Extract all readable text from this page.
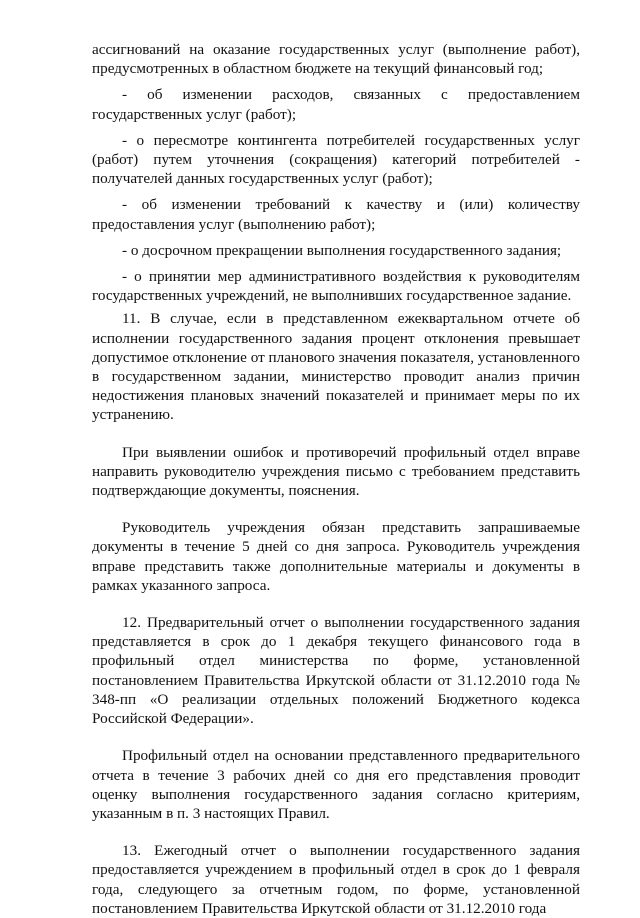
ассигнований на оказание государственных услуг (выполнение работ), предусмотренных в областном бюджете на текущий финансовый год;

- об изменении расходов, связанных с предоставлением государственных услуг (работ);

- о пересмотре контингента потребителей государственных услуг (работ) путем уточнения (сокращения) категорий потребителей - получателей данных государственных услуг (работ);

- об изменении требований к качеству и (или) количеству предоставления услуг (выполнению работ);

- о досрочном прекращении выполнения государственного задания;

- о принятии мер административного воздействия к руководителям государственных учреждений, не выполнивших государственное задание.

11. В случае, если в представленном ежеквартальном отчете об исполнении государственного задания процент отклонения превышает допустимое отклонение от планового значения показателя, установленного в государственном задании, министерство проводит анализ причин недостижения плановых значений показателей и принимает меры по их устранению.

При выявлении ошибок и противоречий профильный отдел вправе направить руководителю учреждения письмо с требованием представить подтверждающие документы, пояснения.

Руководитель учреждения обязан представить запрашиваемые документы в течение 5 дней со дня запроса. Руководитель учреждения вправе представить также дополнительные материалы и документы в рамках указанного запроса.

12. Предварительный отчет о выполнении государственного задания представляется в срок до 1 декабря текущего финансового года в профильный отдел министерства по форме, установленной постановлением Правительства Иркутской области от 31.12.2010 года № 348-пп «О реализации отдельных положений Бюджетного кодекса Российской Федерации».

Профильный отдел на основании представленного предварительного отчета в течение 3 рабочих дней со дня его представления проводит оценку выполнения государственного задания согласно критериям, указанным в п. 3 настоящих Правил.

13. Ежегодный отчет о выполнении государственного задания предоставляется учреждением в профильный отдел в срок до 1 февраля года, следующего за отчетным годом, по форме, установленной постановлением Правительства Иркутской области от 31.12.2010 года
